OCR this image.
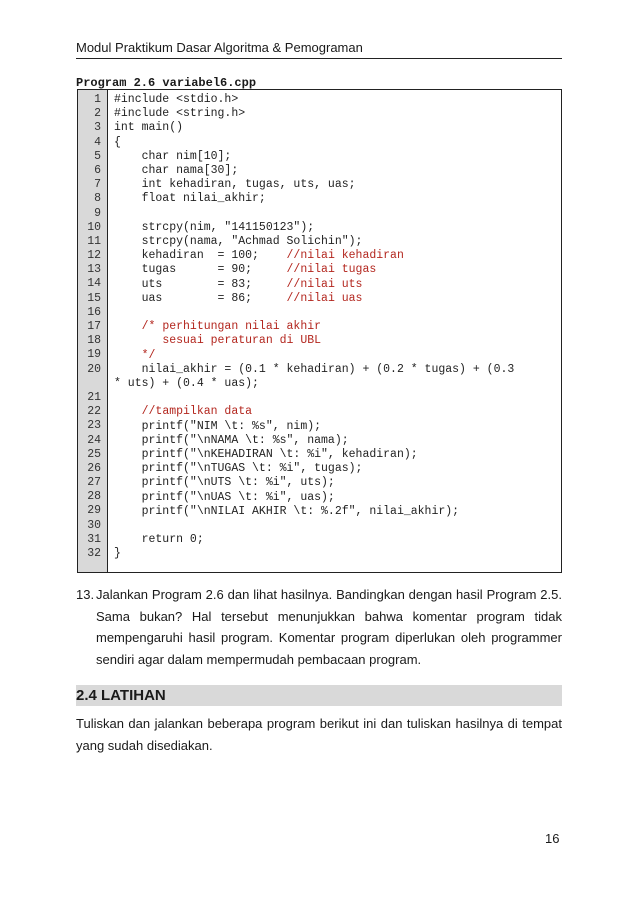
Modul Praktikum Dasar Algoritma & Pemograman
Program 2.6 variabel6.cpp
1
2
3
4
5
6
7
8
9
10
11
12
13
14
15
16
17
18
19
20
21
22
23
24
25
26
27
28
29
30
31
32
#include <stdio.h>
#include <string.h>
int main()
{
char nim[10];
char nama[30];
int kehadiran, tugas, uts, uas;
float nilai_akhir;
strcpy(nim, "141150123");
strcpy(nama, "Achmad Solichin");
kehadiran  = 100;    //nilai kehadiran
tugas      = 90;     //nilai tugas
uts        = 83;     //nilai uts
uas        = 86;     //nilai uas
/* perhitungan nilai akhir
sesuai peraturan di UBL
*/
nilai_akhir = (0.1 * kehadiran) + (0.2 * tugas) + (0.3
* uts) + (0.4 * uas);
//tampilkan data
printf("NIM \t: %s", nim);
printf("\nNAMA \t: %s", nama);
printf("\nKEHADIRAN \t: %i", kehadiran);
printf("\nTUGAS \t: %i", tugas);
printf("\nUTS \t: %i", uts);
printf("\nUAS \t: %i", uas);
printf("\nNILAI AKHIR \t: %.2f", nilai_akhir);
return 0;
}
13. Jalankan Program 2.6 dan lihat hasilnya. Bandingkan dengan hasil Program 2.5. Sama bukan? Hal tersebut menunjukkan bahwa komentar program tidak mempengaruhi hasil program. Komentar program diperlukan oleh programmer sendiri agar dalam mempermudah pembacaan program.
2.4 LATIHAN
Tuliskan dan jalankan beberapa program berikut ini dan tuliskan hasilnya di tempat yang sudah disediakan.
16
